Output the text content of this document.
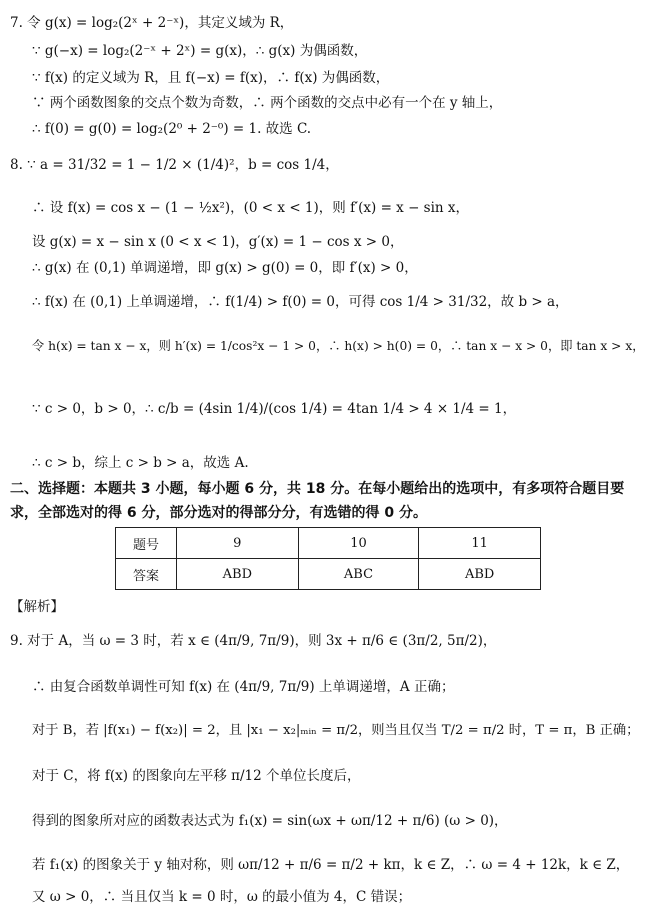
7. 令 g(x) = log₂(2ˣ + 2⁻ˣ)，其定义域为 R，
∵ g(−x) = log₂(2⁻ˣ + 2ˣ) = g(x)，∴ g(x) 为偶函数，
∵ f(x) 的定义域为 R，且 f(−x) = f(x)，∴ f(x) 为偶函数，
∵ 两个函数图象的交点个数为奇数，∴ 两个函数的交点中必有一个在 y 轴上，
∴ f(0) = g(0) = log₂(2⁰ + 2⁻⁰) = 1. 故选 C.
8. ∵ a = 31/32 = 1 − 1/2 × (1/4)²，b = cos 1/4，
∴ 设 f(x) = cos x − (1 − ½x²)，(0 < x < 1)，则 f′(x) = x − sin x，
设 g(x) = x − sin x (0 < x < 1)，g′(x) = 1 − cos x > 0，
∴ g(x) 在 (0,1) 单调递增，即 g(x) > g(0) = 0，即 f′(x) > 0，
∴ f(x) 在 (0,1) 上单调递增，∴ f(1/4) > f(0) = 0，可得 cos 1/4 > 31/32，故 b > a，
令 h(x) = tan x − x，则 h′(x) = 1/cos²x − 1 > 0，∴ h(x) > h(0) = 0，∴ tan x − x > 0，即 tan x > x，
∵ c > 0，b > 0，∴ c/b = (4sin 1/4)/(cos 1/4) = 4tan 1/4 > 4 × 1/4 = 1，
∴ c > b，综上 c > b > a，故选 A.
二、选择题：本题共 3 小题，每小题 6 分，共 18 分。在每小题给出的选项中，有多项符合题目要
求，全部选对的得 6 分，部分选对的得部分分，有选错的得 0 分。
题号	9	10	11
答案	ABD	ABC	ABD
【解析】
9. 对于 A，当 ω = 3 时，若 x ∈ (4π/9, 7π/9)，则 3x + π/6 ∈ (3π/2, 5π/2)，
∴ 由复合函数单调性可知 f(x) 在 (4π/9, 7π/9) 上单调递增，A 正确；
对于 B，若 |f(x₁) − f(x₂)| = 2，且 |x₁ − x₂|ₘᵢₙ = π/2，则当且仅当 T/2 = π/2 时，T = π，B 正确；
对于 C，将 f(x) 的图象向左平移 π/12 个单位长度后，
得到的图象所对应的函数表达式为 f₁(x) = sin(ωx + ωπ/12 + π/6) (ω > 0)，
若 f₁(x) 的图象关于 y 轴对称，则 ωπ/12 + π/6 = π/2 + kπ，k ∈ Z，∴ ω = 4 + 12k，k ∈ Z，
又 ω > 0，∴ 当且仅当 k = 0 时，ω 的最小值为 4，C 错误；
